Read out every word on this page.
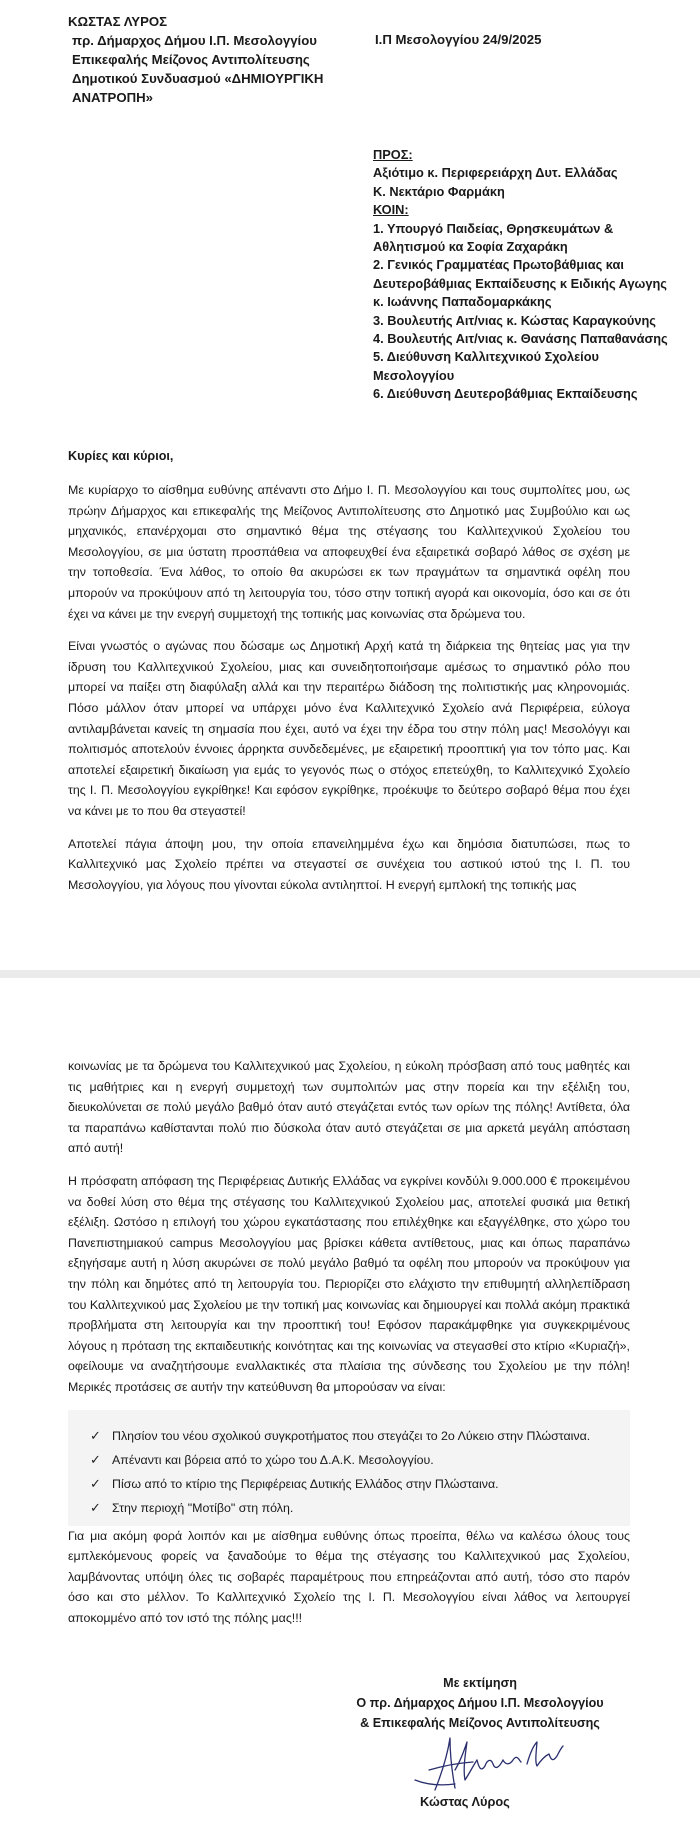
ΚΩΣΤΑΣ ΛΥΡΟΣ
πρ. Δήμαρχος Δήμου Ι.Π. Μεσολογγίου
Επικεφαλής Μείζονος Αντιπολίτευσης
Δημοτικού Συνδυασμού «ΔΗΜΙΟΥΡΓΙΚΗ
ΑΝΑΤΡΟΠΗ»
Ι.Π Μεσολογγίου 24/9/2025
ΠΡΟΣ:
Αξιότιμο κ. Περιφερειάρχη Δυτ. Ελλάδας
Κ. Νεκτάριο Φαρμάκη
ΚΟΙΝ:
1. Υπουργό Παιδείας, Θρησκευμάτων & Αθλητισμού κα Σοφία Ζαχαράκη
2. Γενικός Γραμματέας Πρωτοβάθμιας και Δευτεροβάθμιας Εκπαίδευσης κ Ειδικής Αγωγης κ. Ιωάννης Παπαδομαρκάκης
3. Βουλευτής Αιτ/νιας κ. Κώστας Καραγκούνης
4. Βουλευτής Αιτ/νιας κ. Θανάσης Παπαθανάσης
5. Διεύθυνση Καλλιτεχνικού Σχολείου Μεσολογγίου
6. Διεύθυνση Δευτεροβάθμιας Εκπαίδευσης
Κυρίες και κύριοι,

Με κυρίαρχο το αίσθημα ευθύνης απέναντι στο Δήμο Ι. Π. Μεσολογγίου και τους συμπολίτες μου, ως πρώην Δήμαρχος και επικεφαλής της Μείζονος Αντιπολίτευσης στο Δημοτικό μας Συμβούλιο και ως μηχανικός, επανέρχομαι στο σημαντικό θέμα της στέγασης του Καλλιτεχνικού Σχολείου του Μεσολογγίου, σε μια ύστατη προσπάθεια να αποφευχθεί ένα εξαιρετικά σοβαρό λάθος σε σχέση με την τοποθεσία. Ένα λάθος, το οποίο θα ακυρώσει εκ των πραγμάτων τα σημαντικά οφέλη που μπορούν να προκύψουν από τη λειτουργία του, τόσο στην τοπική αγορά και οικονομία, όσο και σε ότι έχει να κάνει με την ενεργή συμμετοχή της τοπικής μας κοινωνίας στα δρώμενα του.

Είναι γνωστός ο αγώνας που δώσαμε ως Δημοτική Αρχή κατά τη διάρκεια της θητείας μας για την ίδρυση του Καλλιτεχνικού Σχολείου, μιας και συνειδητοποιήσαμε αμέσως το σημαντικό ρόλο που μπορεί να παίξει στη διαφύλαξη αλλά και την περαιτέρω διάδοση της πολιτιστικής μας κληρονομιάς. Πόσο μάλλον όταν μπορεί να υπάρχει μόνο ένα Καλλιτεχνικό Σχολείο ανά Περιφέρεια, εύλογα αντιλαμβάνεται κανείς τη σημασία που έχει, αυτό να έχει την έδρα του στην πόλη μας! Μεσολόγγι και πολιτισμός αποτελούν έννοιες άρρηκτα συνδεδεμένες, με εξαιρετική προοπτική για τον τόπο μας. Και αποτελεί εξαιρετική δικαίωση για εμάς το γεγονός πως ο στόχος επετεύχθη, το Καλλιτεχνικό Σχολείο της Ι. Π. Μεσολογγίου εγκρίθηκε! Και εφόσον εγκρίθηκε, προέκυψε το δεύτερο σοβαρό θέμα που έχει να κάνει με το που θα στεγαστεί!

Αποτελεί πάγια άποψη μου, την οποία επανειλημμένα έχω και δημόσια διατυπώσει, πως το Καλλιτεχνικό μας Σχολείο πρέπει να στεγαστεί σε συνέχεια του αστικού ιστού της Ι. Π. του Μεσολογγίου, για λόγους που γίνονται εύκολα αντιληπτοί. Η ενεργή εμπλοκή της τοπικής μας

κοινωνίας με τα δρώμενα του Καλλιτεχνικού μας Σχολείου, η εύκολη πρόσβαση από τους μαθητές και τις μαθήτριες και η ενεργή συμμετοχή των συμπολιτών μας στην πορεία και την εξέλιξη του, διευκολύνεται σε πολύ μεγάλο βαθμό όταν αυτό στεγάζεται εντός των ορίων της πόλης! Αντίθετα, όλα τα παραπάνω καθίστανται πολύ πιο δύσκολα όταν αυτό στεγάζεται σε μια αρκετά μεγάλη απόσταση από αυτή!

Η πρόσφατη απόφαση της Περιφέρειας Δυτικής Ελλάδας να εγκρίνει κονδύλι 9.000.000 € προκειμένου να δοθεί λύση στο θέμα της στέγασης του Καλλιτεχνικού Σχολείου μας, αποτελεί φυσικά μια θετική εξέλιξη. Ωστόσο η επιλογή του χώρου εγκατάστασης που επιλέχθηκε και εξαγγέλθηκε, στο χώρο του Πανεπιστημιακού campus Μεσολογγίου μας βρίσκει κάθετα αντίθετους, μιας και όπως παραπάνω εξηγήσαμε αυτή η λύση ακυρώνει σε πολύ μεγάλο βαθμό τα οφέλη που μπορούν να προκύψουν για την πόλη και δημότες από τη λειτουργία του. Περιορίζει στο ελάχιστο την επιθυμητή αλληλεπίδραση του Καλλιτεχνικού μας Σχολείου με την τοπική μας κοινωνίας και δημιουργεί και πολλά ακόμη πρακτικά προβλήματα στη λειτουργία και την προοπτική του! Εφόσον παρακάμφθηκε για συγκεκριμένους λόγους η πρόταση της εκπαιδευτικής κοινότητας και της κοινωνίας να στεγασθεί στο κτίριο «Κυριαζή», οφείλουμε να αναζητήσουμε εναλλακτικές στα πλαίσια της σύνδεσης του Σχολείου με την πόλη! Μερικές προτάσεις σε αυτήν την κατεύθυνση θα μπορούσαν να είναι:

✓ Πλησίον του νέου σχολικού συγκροτήματος που στεγάζει το 2ο Λύκειο στην Πλώσταινα.
✓ Απέναντι και βόρεια από το χώρο του Δ.Α.Κ. Μεσολογγίου.
✓ Πίσω από το κτίριο της Περιφέρειας Δυτικής Ελλάδος στην Πλώσταινα.
✓ Στην περιοχή "Μοτίβο" στη πόλη.

Για μια ακόμη φορά λοιπόν και με αίσθημα ευθύνης όπως προείπα, θέλω να καλέσω όλους τους εμπλεκόμενους φορείς να ξαναδούμε το θέμα της στέγασης του Καλλιτεχνικού μας Σχολείου, λαμβάνοντας υπόψη όλες τις σοβαρές παραμέτρους που επηρεάζονται από αυτή, τόσο στο παρόν όσο και στο μέλλον. Το Καλλιτεχνικό Σχολείο της Ι. Π. Μεσολογγίου είναι λάθος να λειτουργεί αποκομμένο από τον ιστό της πόλης μας!!!

Με εκτίμηση
Ο πρ. Δήμαρχος Δήμου Ι.Π. Μεσολογγίου
& Επικεφαλής Μείζονος Αντιπολίτευσης
Κώστας Λύρος
